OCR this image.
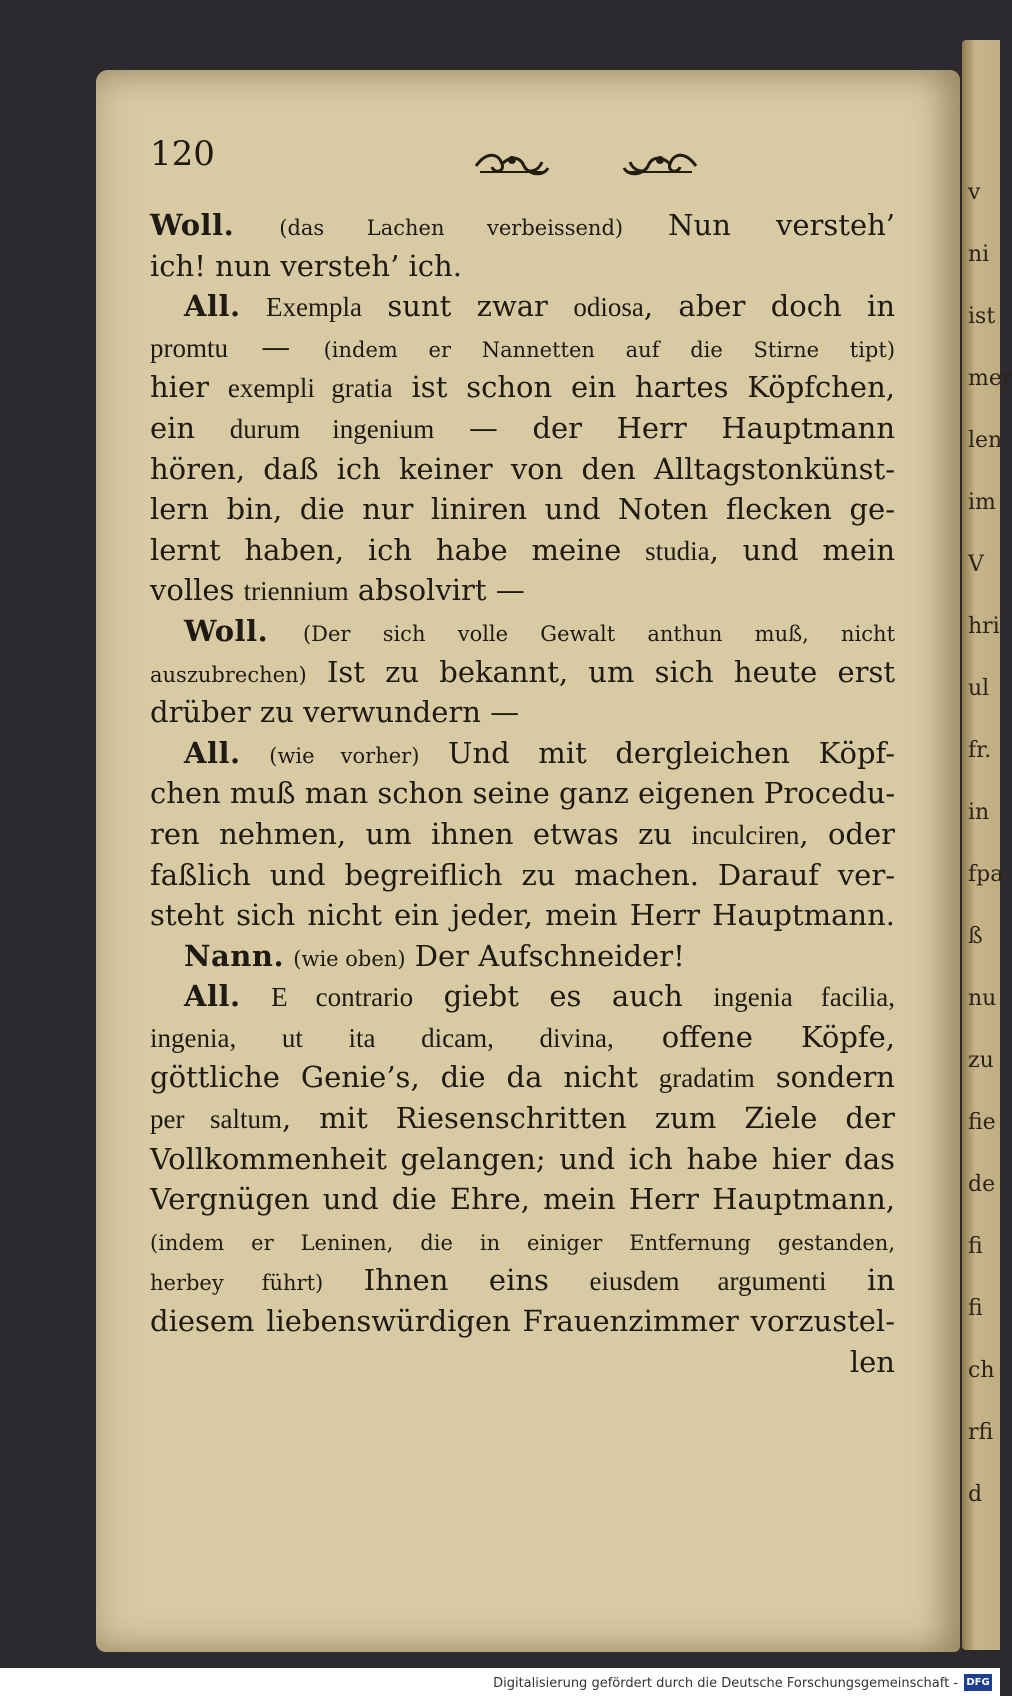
v
ni
ist
mer
len
im
V
hri
ul
fr.
in
fpa
ß
nu
zu
fie
de
fi
fi
ch
rfi
d
120
Woll. (das Lachen verbeissend) Nun versteh’
ich! nun versteh’ ich.
All. Exempla sunt zwar odiosa, aber doch in
promtu — (indem er Nannetten auf die Stirne tipt)
hier exempli gratia ist schon ein hartes Köpfchen,
ein durum ingenium — der Herr Hauptmann
hören, daß ich keiner von den Alltagstonkünst-
lern bin, die nur liniren und Noten flecken ge-
lernt haben, ich habe meine studia, und mein
volles triennium absolvirt —
Woll. (Der sich volle Gewalt anthun muß, nicht
auszubrechen) Ist zu bekannt, um sich heute erst
drüber zu verwundern —
All. (wie vorher) Und mit dergleichen Köpf-
chen muß man schon seine ganz eigenen Procedu-
ren nehmen, um ihnen etwas zu inculciren, oder
faßlich und begreiflich zu machen. Darauf ver-
steht sich nicht ein jeder, mein Herr Hauptmann.
Nann. (wie oben) Der Aufschneider!
All. E contrario giebt es auch ingenia facilia,
ingenia, ut ita dicam, divina, offene Köpfe,
göttliche Genie’s, die da nicht gradatim sondern
per saltum, mit Riesenschritten zum Ziele der
Vollkommenheit gelangen; und ich habe hier das
Vergnügen und die Ehre, mein Herr Hauptmann,
(indem er Leninen, die in einiger Entfernung gestanden,
herbey führt) Ihnen eins eiusdem argumenti in
diesem liebenswürdigen Frauenzimmer vorzustel-
len
Digitalisierung gefördert durch die Deutsche Forschungsgemeinschaft - DFG
